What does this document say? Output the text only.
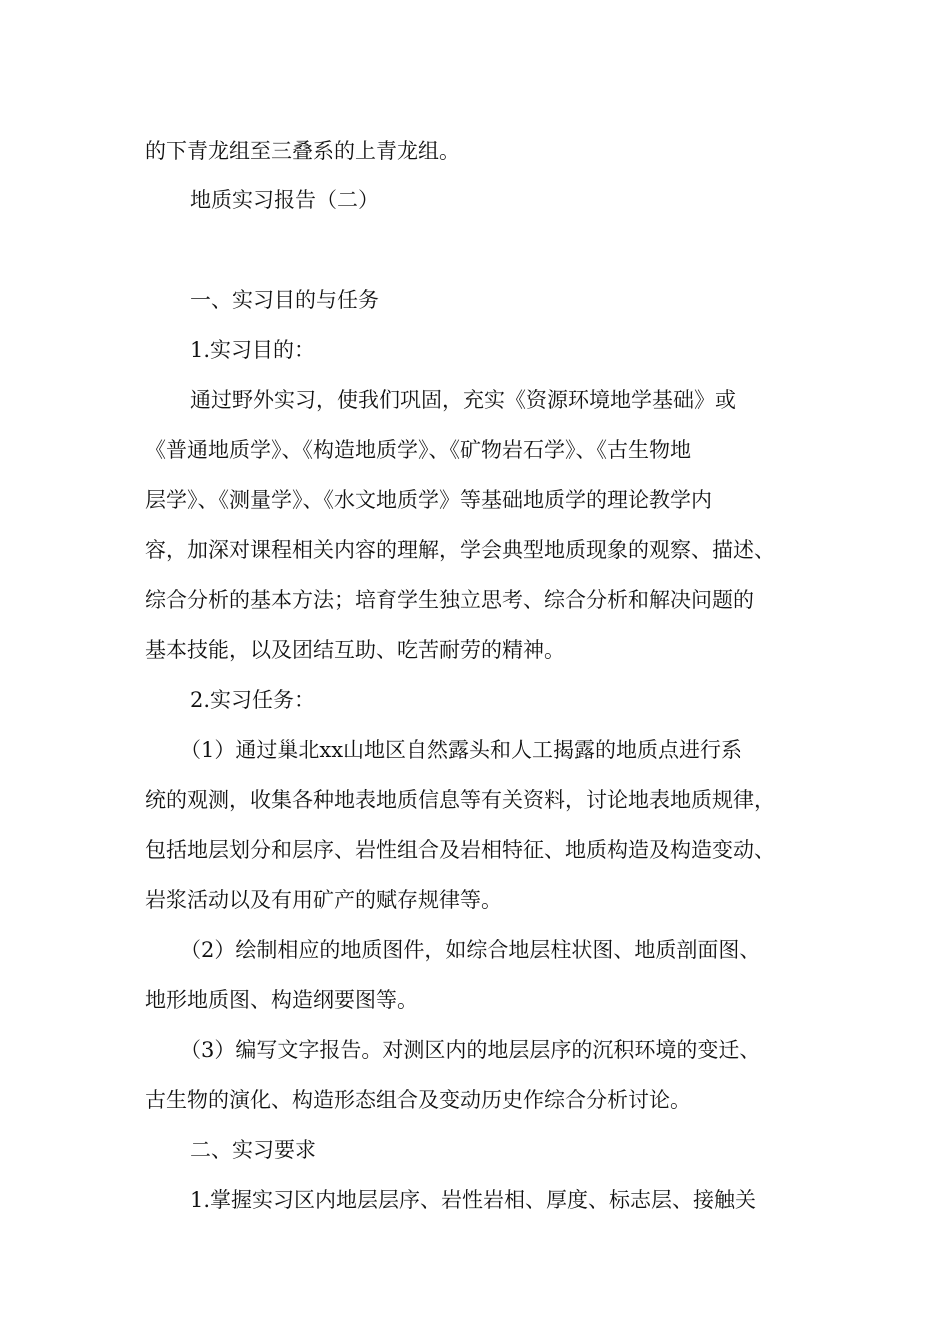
的下青龙组至三叠系的上青龙组。
地质实习报告（二）
一、实习目的与任务
1.实习目的：
通过野外实习，使我们巩固，充实《资源环境地学基础》或
《普通地质学》、《构造地质学》、《矿物岩石学》、《古生物地
层学》、《测量学》、《水文地质学》等基础地质学的理论教学内
容，加深对课程相关内容的理解，学会典型地质现象的观察、描述、
综合分析的基本方法；培育学生独立思考、综合分析和解决问题的
基本技能，以及团结互助、吃苦耐劳的精神。
2.实习任务：
（1）通过巢北xx山地区自然露头和人工揭露的地质点进行系
统的观测，收集各种地表地质信息等有关资料，讨论地表地质规律，
包括地层划分和层序、岩性组合及岩相特征、地质构造及构造变动、
岩浆活动以及有用矿产的赋存规律等。
（2）绘制相应的地质图件，如综合地层柱状图、地质剖面图、
地形地质图、构造纲要图等。
（3）编写文字报告。对测区内的地层层序的沉积环境的变迁、
古生物的演化、构造形态组合及变动历史作综合分析讨论。
二、实习要求
1.掌握实习区内地层层序、岩性岩相、厚度、标志层、接触关
